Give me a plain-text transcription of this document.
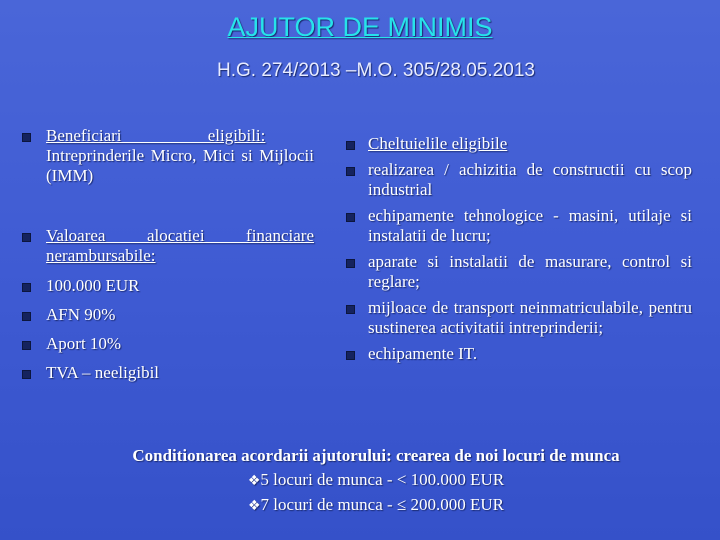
AJUTOR DE MINIMIS
H.G. 274/2013 –M.O. 305/28.05.2013
Beneficiari eligibili:
Intreprinderile Micro, Mici si Mijlocii (IMM)
Valoarea alocatiei financiare nerambursabile:
100.000 EUR
AFN 90%
Aport 10%
TVA – neeligibil
Cheltuielile eligibile
realizarea / achizitia de constructii cu scop industrial
echipamente tehnologice - masini, utilaje si instalatii de lucru;
aparate si instalatii de masurare, control si reglare;
mijloace de transport neinmatriculabile, pentru sustinerea activitatii intreprinderii;
echipamente IT.
Conditionarea acordarii ajutorului: crearea de noi locuri de munca
❖5 locuri de munca - < 100.000 EUR
❖7 locuri de munca - ≤ 200.000 EUR
